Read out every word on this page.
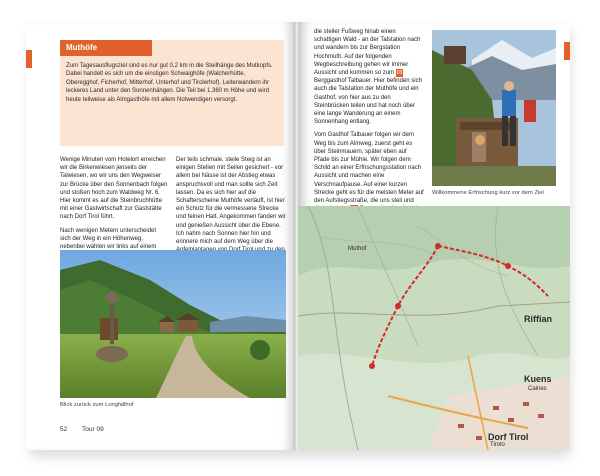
Muthöfe
Zum Tagesausflugsziel sind es nur gut 0,2 km in die Steilhänge des Mutkopfs. Dabei handelt es sich um die einstigen Schwaighöfe (Walcherhütte, Oberegghof, Ficherhof, Mitterhof, Unterhof und Tirolerhof). Leiterwandern ihr leckeres Land unter den Sonnenhängen. Die Teil bei 1.360 m Höhe und wird heute teilweise als Almgasthöfe mit allem Notwendigen versorgt.

Wenige Minuten vom Hotelort erreichen wir die Birkenwiesen jenseits der Talwiesen, wo wir uns den Wegweiser zur Brücke über den Sonnenbach folgen und stoßen hoch zum Waldweg Nr. 6. Hier kommt es auf die Steinbruchhütte mit einer Gastwirtschaft zur Gaststätte nach Dorf Tirol führt.

Nach wenigen Metern unterscheidet sich der Weg in ein Höhenweg, nebenbei wählen wir links auf einem

Der teils schmale, steile Steig ist an einigen Stellen mit Seilen gesichert - vor allem bei Nässe ist der Abstieg etwas anspruchsvoll und man sollte sich Zeit lassen. Da es sich hier auf die Schafterscheine Muthöfe verläuft, ist hier ein Schutz für die vermessene Strecke und feinen Halt. Angekommen fanden wir und genießen Aussicht über die Ebene. Ich nahm nach Sonnen hier hin und erinnere mich auf dem Weg über die

Blick zurück zum Longfallhof
52 Tour 09

die steiler Fußweg hinab einen schattigen Wald - an der Talstation nach und wandern bis zur Bergstation Hochmuth. Auf der folgenden Wegbeschreibung gehen wir immer Aussicht und kommen so zum 03Berggasthof Talbauer. Hier befinden sich auch die Talstation der Muthöfe und ein Gasthof, von hier aus zu den Steinbrücken teilen und hat noch über eine lange Wanderung an einem Sonnenhang entlang.

Vom Gasthof Talbauer folgen wir dem Weg bis zum Almweg, zuerst geht es über Steinmauern, später eben auf Pfade bis zur Mühle. Wir folgen dem Schild an einer Erfrischungsstation nach Aussicht und machen eine Verschnaufpause. Auf einer kurzen Strecke geht es für die meisten Meter auf den Aufstiegsstraße, die uns steil und

Willkommene Erfrischung kurz vor dem Ziel
Riffian
Kuens
Caines
Dorf Tirol
Tirolo
Muthof
